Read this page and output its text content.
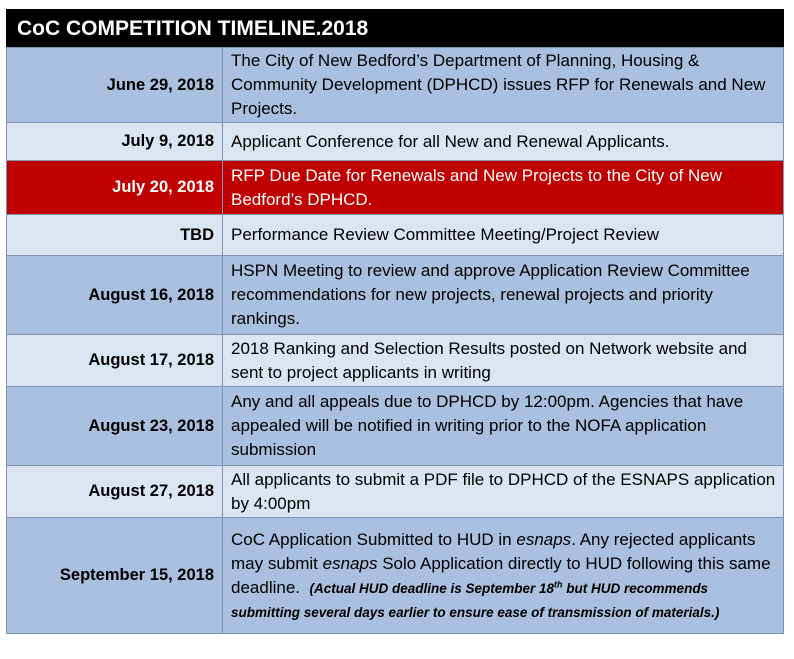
CoC COMPETITION TIMELINE.2018
June 29, 2018	The City of New Bedford’s Department of Planning, Housing & Community Development (DPHCD) issues RFP for Renewals and New Projects.
July 9, 2018	Applicant Conference for all New and Renewal Applicants.
July 20, 2018	RFP Due Date for Renewals and New Projects to the City of New Bedford’s DPHCD.
TBD	Performance Review Committee Meeting/Project Review
August 16, 2018	HSPN Meeting to review and approve Application Review Committee recommendations for new projects, renewal projects and priority rankings.
August 17, 2018	2018 Ranking and Selection Results posted on Network website and sent to project applicants in writing
August 23, 2018	Any and all appeals due to DPHCD by 12:00pm. Agencies that have appealed will be notified in writing prior to the NOFA application submission
August 27, 2018	All applicants to submit a PDF file to DPHCD of the ESNAPS application by 4:00pm
September 15, 2018	CoC Application Submitted to HUD in esnaps. Any rejected applicants may submit esnaps Solo Application directly to HUD following this same deadline. (Actual HUD deadline is September 18th but HUD recommends submitting several days earlier to ensure ease of transmission of materials.)
